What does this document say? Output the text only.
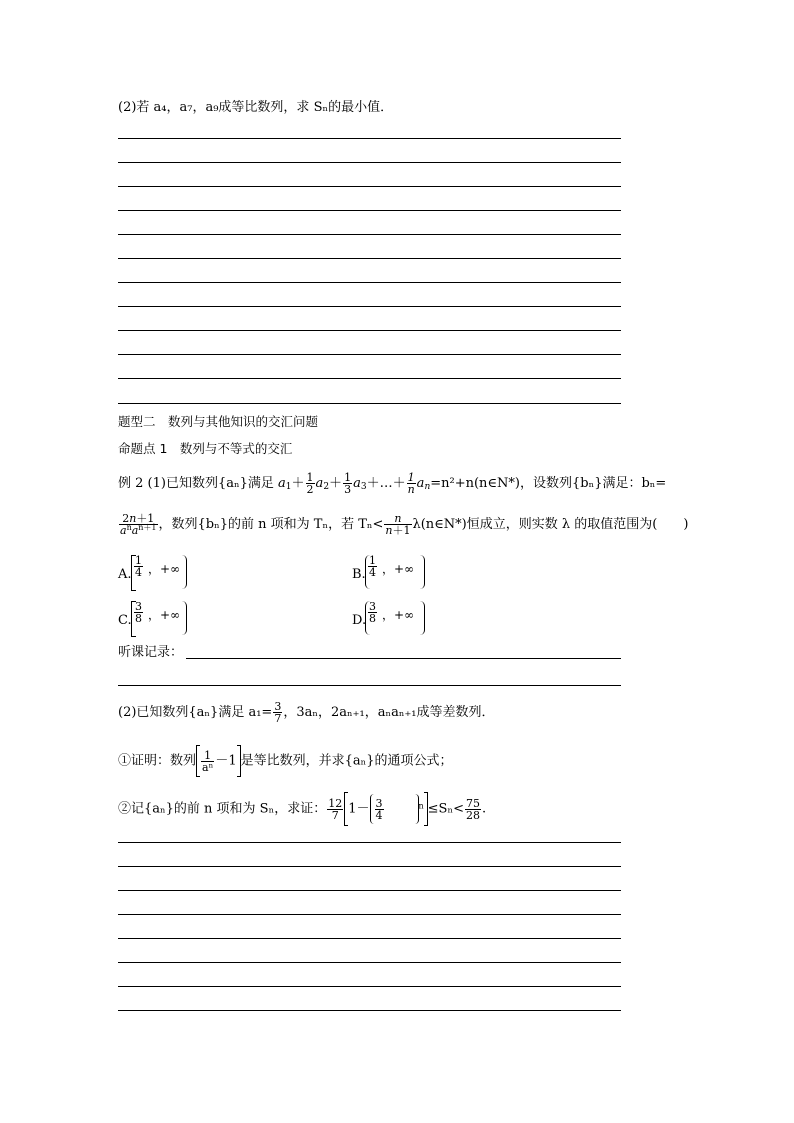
(2)若 a₄，a₇，a₉成等比数列，求 Sₙ的最小值．
题型二　数列与其他知识的交汇问题
命题点 1　数列与不等式的交汇
例 2 (1)已知数列{aₙ}满足 $a_1+ \frac{1}{2} a_2+ \frac{1}{3}$ $a_3+\dots+ \frac{1}{n}$ $a_n=n^2+n(n\in N*)$，设数列{bₙ}满足：bₙ=
$\frac{2n+1}{a^na^{n+1}}$ ，数列{bₙ}的前 n 项和为 Tₙ，若 $T_n< \frac{n}{n+1}$ λ(n∈N*)恒成立，则实数 λ 的取值范围为(　　)
A. $\frac{1}{4}$ ，+∞	B. $\frac{1}{4}$ ，+∞
C. $\frac{3}{8}$ ，+∞	D. $\frac{3}{8}$ ，+∞
听课记录：
(2)已知数列{aₙ}满足 $a_1= \frac{3}{7}$ ，3aₙ，2aₙ₊₁，aₙaₙ₊₁成等差数列．
①证明：数列 $\frac{1}{\text{aⁿ}} -1$ 是等比数列，并求{aₙ}的通项公式；
②记{aₙ}的前 n 项和为 Sₙ，求证： $\frac{12}{7} 1- \frac{3}{4}$	$^n \le S_n< \frac{75}{28}$ .
